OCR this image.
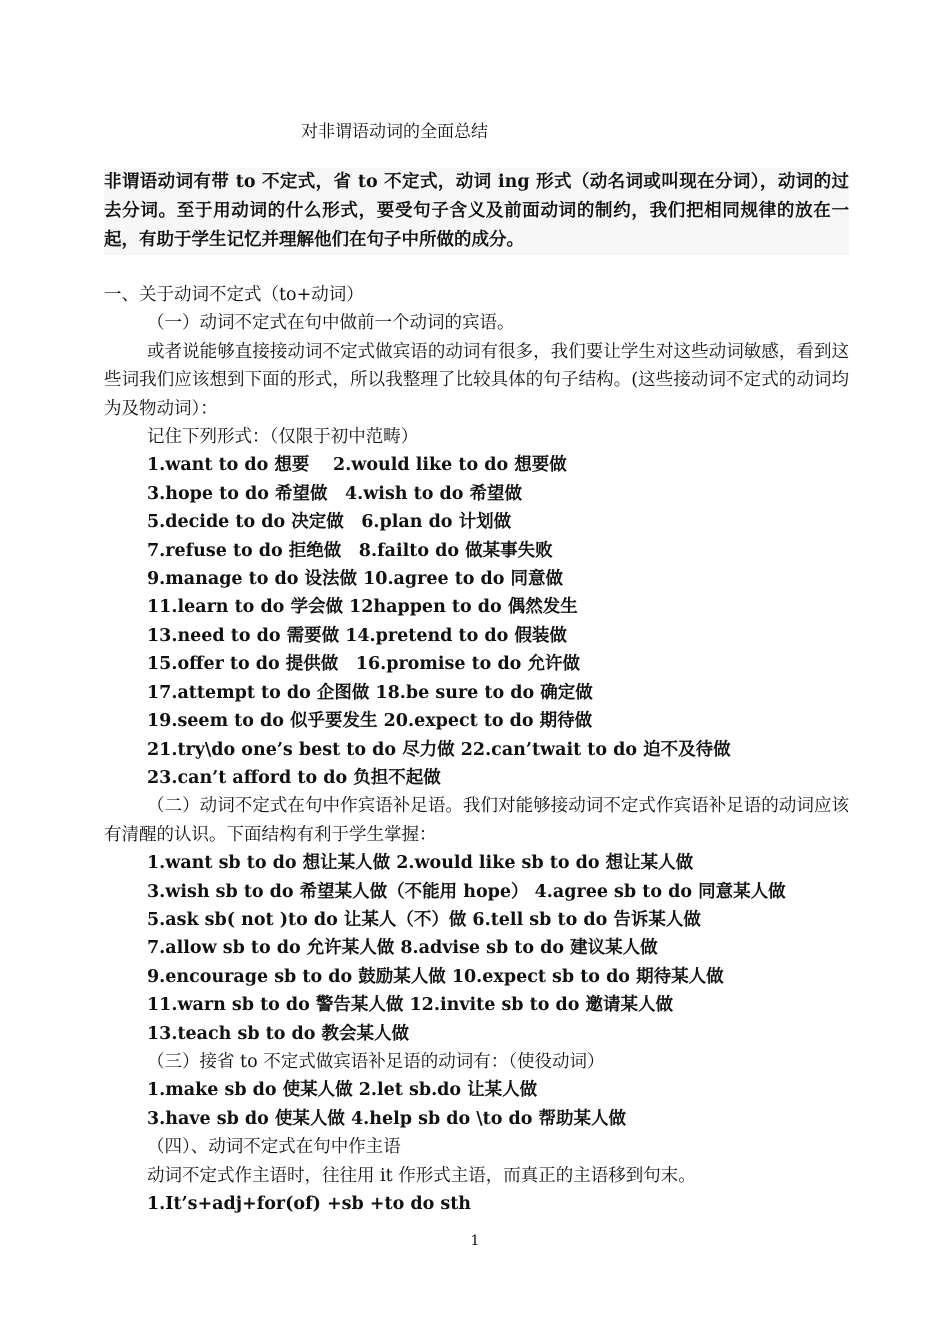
对非谓语动词的全面总结

非谓语动词有带 to 不定式，省 to 不定式，动词 ing 形式（动名词或叫现在分词），动词的过去分词。至于用动词的什么形式，要受句子含义及前面动词的制约，我们把相同规律的放在一起，有助于学生记忆并理解他们在句子中所做的成分。

一、关于动词不定式（to+动词）

（一）动词不定式在句中做前一个动词的宾语。

或者说能够直接接动词不定式做宾语的动词有很多，我们要让学生对这些动词敏感，看到这些词我们应该想到下面的形式，所以我整理了比较具体的句子结构。(这些接动词不定式的动词均为及物动词）：

记住下列形式：（仅限于初中范畴）

1.want to do 想要　 2.would like to do 想要做

3.hope to do 希望做　4.wish to do 希望做

5.decide to do 决定做　6.plan do 计划做

7.refuse to do 拒绝做　8.failto do 做某事失败

9.manage to do 设法做 10.agree to do 同意做

11.learn to do 学会做 12happen to do 偶然发生

13.need to do 需要做 14.pretend to do 假装做

15.offer to do 提供做　16.promise to do 允许做

17.attempt to do 企图做 18.be sure to do 确定做

19.seem to do 似乎要发生 20.expect to do 期待做

21.try\do one’s best to do 尽力做 22.can’twait to do 迫不及待做

23.can’t afford to do 负担不起做

（二）动词不定式在句中作宾语补足语。我们对能够接动词不定式作宾语补足语的动词应该有清醒的认识。下面结构有利于学生掌握：

1.want sb to do 想让某人做 2.would like sb to do 想让某人做

3.wish sb to do 希望某人做（不能用 hope） 4.agree sb to do 同意某人做

5.ask sb( not )to do 让某人（不）做 6.tell sb to do 告诉某人做

7.allow sb to do 允许某人做 8.advise sb to do 建议某人做

9.encourage sb to do 鼓励某人做 10.expect sb to do 期待某人做

11.warn sb to do 警告某人做 12.invite sb to do 邀请某人做

13.teach sb to do 教会某人做

（三）接省 to 不定式做宾语补足语的动词有：（使役动词）

1.make sb do 使某人做 2.let sb.do 让某人做

3.have sb do 使某人做 4.help sb do \to do 帮助某人做

（四）、动词不定式在句中作主语

动词不定式作主语时，往往用 it 作形式主语，而真正的主语移到句末。

1.It’s+adj+for(of) +sb +to do sth

1
